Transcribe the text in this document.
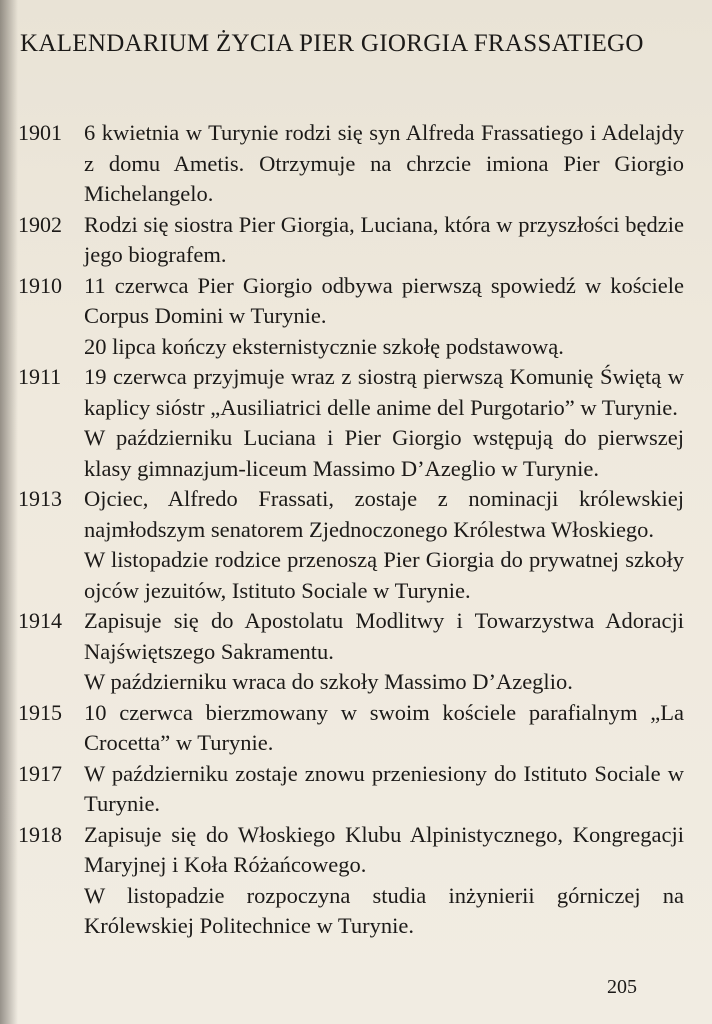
KALENDARIUM ŻYCIA PIER GIORGIA FRASSATIEGO
1901 6 kwietnia w Turynie rodzi się syn Alfreda Frassatiego i Adelajdy z domu Ametis. Otrzymuje na chrzcie imiona Pier Giorgio Michelangelo.

1902 Rodzi się siostra Pier Giorgia, Luciana, która w przyszłości będzie jego biografem.

1910 11 czerwca Pier Giorgio odbywa pierwszą spowiedź w kościele Corpus Domini w Turynie.

20 lipca kończy eksternistycznie szkołę podstawową.

1911	19 czerwca przyjmuje wraz z siostrą pierwszą Komunię Świętą w kaplicy sióstr „Ausiliatrici delle anime del Purgotario” w Turynie.

W październiku Luciana i Pier Giorgio wstępują do pierwszej klasy gimnazjum-liceum Massimo D’Azeglio w Turynie.

1913 Ojciec, Alfredo Frassati, zostaje z nominacji królewskiej najmłodszym senatorem Zjednoczonego Królestwa Włoskiego.

W listopadzie rodzice przenoszą Pier Giorgia do prywatnej szkoły ojców jezuitów, Istituto Sociale w Turynie.

1914 Zapisuje się do Apostolatu Modlitwy i Towarzystwa Adoracji Najświętszego Sakramentu.

W październiku wraca do szkoły Massimo D’Azeglio.

1915 10 czerwca bierzmowany w swoim kościele parafialnym „La Crocetta” w Turynie.

1917 W październiku zostaje znowu przeniesiony do Istituto Sociale w Turynie.

1918 Zapisuje się do Włoskiego Klubu Alpinistycznego, Kongregacji Maryjnej i Koła Różańcowego.

W listopadzie rozpoczyna studia inżynierii górniczej na Królewskiej Politechnice w Turynie.

205
